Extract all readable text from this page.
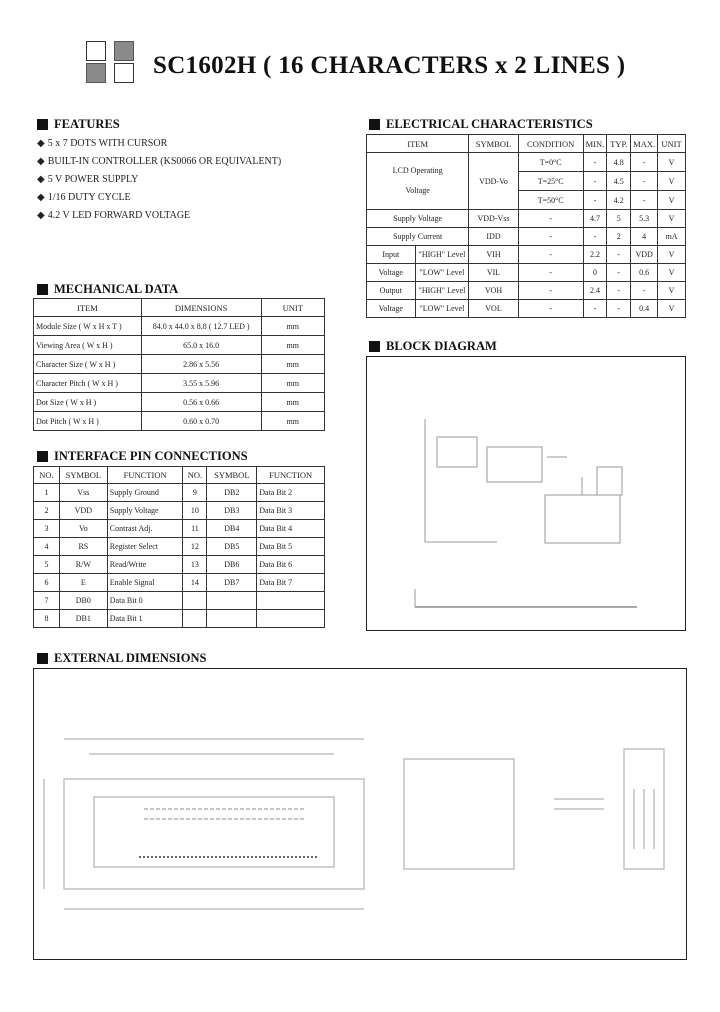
SC1602H ( 16 CHARACTERS x 2 LINES )
FEATURES
◆ 5 x 7 DOTS WITH CURSOR
◆ BUILT-IN CONTROLLER (KS0066 OR EQUIVALENT)
◆ 5 V POWER SUPPLY
◆ 1/16 DUTY CYCLE
◆ 4.2 V LED FORWARD VOLTAGE
MECHANICAL DATA
ITEM	DIMENSIONS	UNIT
Module Size ( W x H x T )	84.0 x 44.0 x 8.8 ( 12.7 LED )	mm
Viewing Area ( W x H )	65.0 x 16.0	mm
Character Size ( W x H )	2.86 x 5.56	mm
Character Pitch ( W x H )	3.55 x 5.96	mm
Dot Size ( W x H )	0.56 x 0.66	mm
Dot Pitch ( W x H )	0.60 x 0.70	mm
INTERFACE PIN CONNECTIONS
NO.	SYMBOL	FUNCTION	NO.	SYMBOL	FUNCTION
1	Vss	Supply Ground	9	DB2	Data Bit 2
2	VDD	Supply Voltage	10	DB3	Data Bit 3
3	Vo	Contrast Adj.	11	DB4	Data Bit 4
4	RS	Register Select	12	DB5	Data Bit 5
5	R/W	Read/Write	13	DB6	Data Bit 6
6	E	Enable Signal	14	DB7	Data Bit 7
7	DB0	Data Bit 0			
8	DB1	Data Bit 1			
ELECTRICAL CHARACTERISTICS
ITEM		SYMBOL	CONDITION	MIN.	TYP.	MAX.	UNIT

LCD Operating
Voltage		VDD-Vo	T=0°C	-	4.8	-	V
			T=25°C	-	4.5	-	V
			T=50°C	-	4.2	-	V
Supply Voltage		VDD-Vss	-	4.7	5	5.3	V
Supply Current		IDD	-	-	2	4	mA
Input	"HIGH" Level	VIH	-	2.2	-	VDD	V
Voltage	"LOW" Level	VIL	-	0	-	0.6	V
Output	"HIGH" Level	VOH	-	2.4	-	-	V
Voltage	"LOW" Level	VOL	-	-	-	0.4	V
BLOCK DIAGRAM
EXTERNAL DIMENSIONS
